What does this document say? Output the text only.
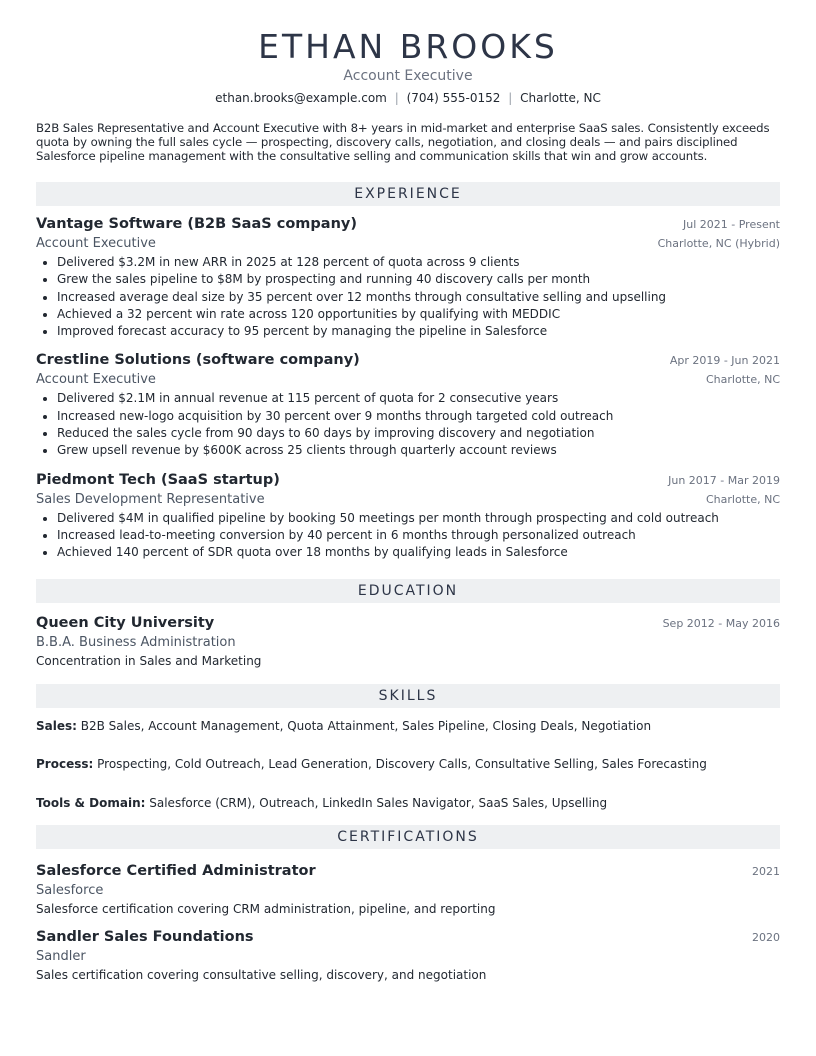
ETHAN BROOKS
Account Executive
ethan.brooks@example.com | (704) 555-0152 | Charlotte, NC
B2B Sales Representative and Account Executive with 8+ years in mid-market and enterprise SaaS sales. Consistently exceeds quota by owning the full sales cycle — prospecting, discovery calls, negotiation, and closing deals — and pairs disciplined Salesforce pipeline management with the consultative selling and communication skills that win and grow accounts.
EXPERIENCE
Vantage Software (B2B SaaS company)	Jul 2021 - Present
Account Executive	Charlotte, NC (Hybrid)
• Delivered $3.2M in new ARR in 2025 at 128 percent of quota across 9 clients
• Grew the sales pipeline to $8M by prospecting and running 40 discovery calls per month
• Increased average deal size by 35 percent over 12 months through consultative selling and upselling
• Achieved a 32 percent win rate across 120 opportunities by qualifying with MEDDIC
• Improved forecast accuracy to 95 percent by managing the pipeline in Salesforce
Crestline Solutions (software company)	Apr 2019 - Jun 2021
Account Executive	Charlotte, NC
• Delivered $2.1M in annual revenue at 115 percent of quota for 2 consecutive years
• Increased new-logo acquisition by 30 percent over 9 months through targeted cold outreach
• Reduced the sales cycle from 90 days to 60 days by improving discovery and negotiation
• Grew upsell revenue by $600K across 25 clients through quarterly account reviews
Piedmont Tech (SaaS startup)	Jun 2017 - Mar 2019
Sales Development Representative	Charlotte, NC
• Delivered $4M in qualified pipeline by booking 50 meetings per month through prospecting and cold outreach
• Increased lead-to-meeting conversion by 40 percent in 6 months through personalized outreach
• Achieved 140 percent of SDR quota over 18 months by qualifying leads in Salesforce
EDUCATION
Queen City University	Sep 2012 - May 2016
B.B.A. Business Administration
Concentration in Sales and Marketing
SKILLS
Sales: B2B Sales, Account Management, Quota Attainment, Sales Pipeline, Closing Deals, Negotiation
Process: Prospecting, Cold Outreach, Lead Generation, Discovery Calls, Consultative Selling, Sales Forecasting
Tools & Domain: Salesforce (CRM), Outreach, LinkedIn Sales Navigator, SaaS Sales, Upselling
CERTIFICATIONS
Salesforce Certified Administrator	2021
Salesforce
Salesforce certification covering CRM administration, pipeline, and reporting
Sandler Sales Foundations	2020
Sandler
Sales certification covering consultative selling, discovery, and negotiation
